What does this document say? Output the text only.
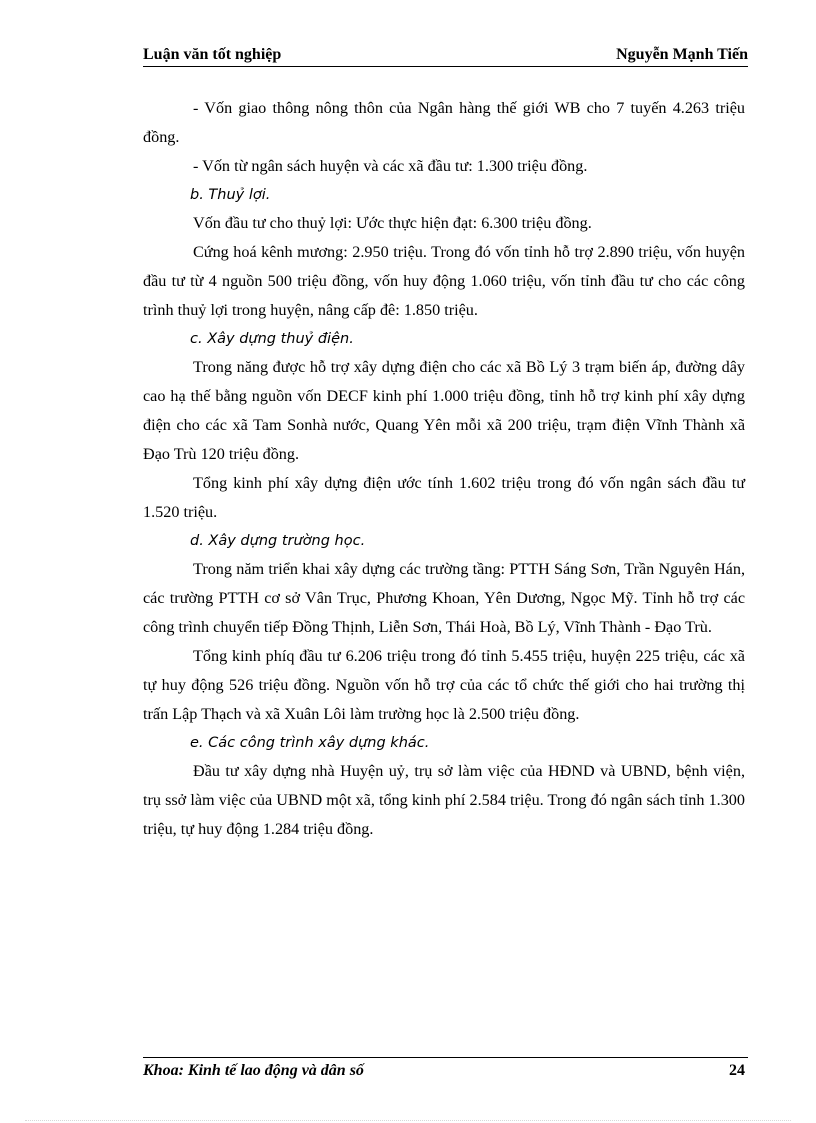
Luận văn tốt nghiệp	Nguyễn Mạnh Tiến

- Vốn giao thông nông thôn của Ngân hàng thế giới WB cho 7 tuyến 4.263 triệu đồng.

- Vốn từ ngân sách huyện và các xã đầu tư: 1.300 triệu đồng.

b. Thuỷ lợi.

Vốn đầu tư cho thuỷ lợi: Ước thực hiện đạt: 6.300 triệu đồng.

Cứng hoá kênh mương: 2.950 triệu. Trong đó vốn tỉnh hỗ trợ 2.890 triệu, vốn huyện đầu tư từ 4 nguồn 500 triệu đồng, vốn huy động 1.060 triệu, vốn tỉnh đầu tư cho các công trình thuỷ lợi trong huyện, nâng cấp đê: 1.850 triệu.

c. Xây dựng thuỷ điện.

Trong năng được hỗ trợ xây dựng điện cho các xã Bồ Lý 3 trạm biến áp, đường dây cao hạ thế bằng nguồn vốn DECF kinh phí 1.000 triệu đồng, tỉnh hỗ trợ kinh phí xây dựng điện cho các xã Tam Sonhà nước, Quang Yên mỗi xã 200 triệu, trạm điện Vĩnh Thành xã Đạo Trù 120 triệu đồng.

Tổng kinh phí xây dựng điện ước tính 1.602 triệu trong đó vốn ngân sách đầu tư 1.520 triệu.

d. Xây dựng trường học.

Trong năm triển khai xây dựng các trường tầng: PTTH Sáng Sơn, Trần Nguyên Hán, các trường PTTH cơ sở Vân Trục, Phương Khoan, Yên Dương, Ngọc Mỹ. Tỉnh hỗ trợ các công trình chuyển tiếp Đồng Thịnh, Liễn Sơn, Thái Hoà, Bồ Lý, Vĩnh Thành - Đạo Trù.

Tổng kinh phíq đầu tư 6.206 triệu trong đó tỉnh 5.455 triệu, huyện 225 triệu, các xã tự huy động 526 triệu đồng. Nguồn vốn hỗ trợ của các tổ chức thế giới cho hai trường thị trấn Lập Thạch và xã Xuân Lôi làm trường học là 2.500 triệu đồng.

e. Các công trình xây dựng khác.

Đầu tư xây dựng nhà Huyện uỷ, trụ sở làm việc của HĐND và UBND, bệnh viện, trụ ssở làm việc của UBND một xã, tổng kinh phí 2.584 triệu. Trong đó ngân sách tỉnh 1.300 triệu, tự huy động 1.284 triệu đồng.

Khoa: Kinh tế lao động và dân số	24
